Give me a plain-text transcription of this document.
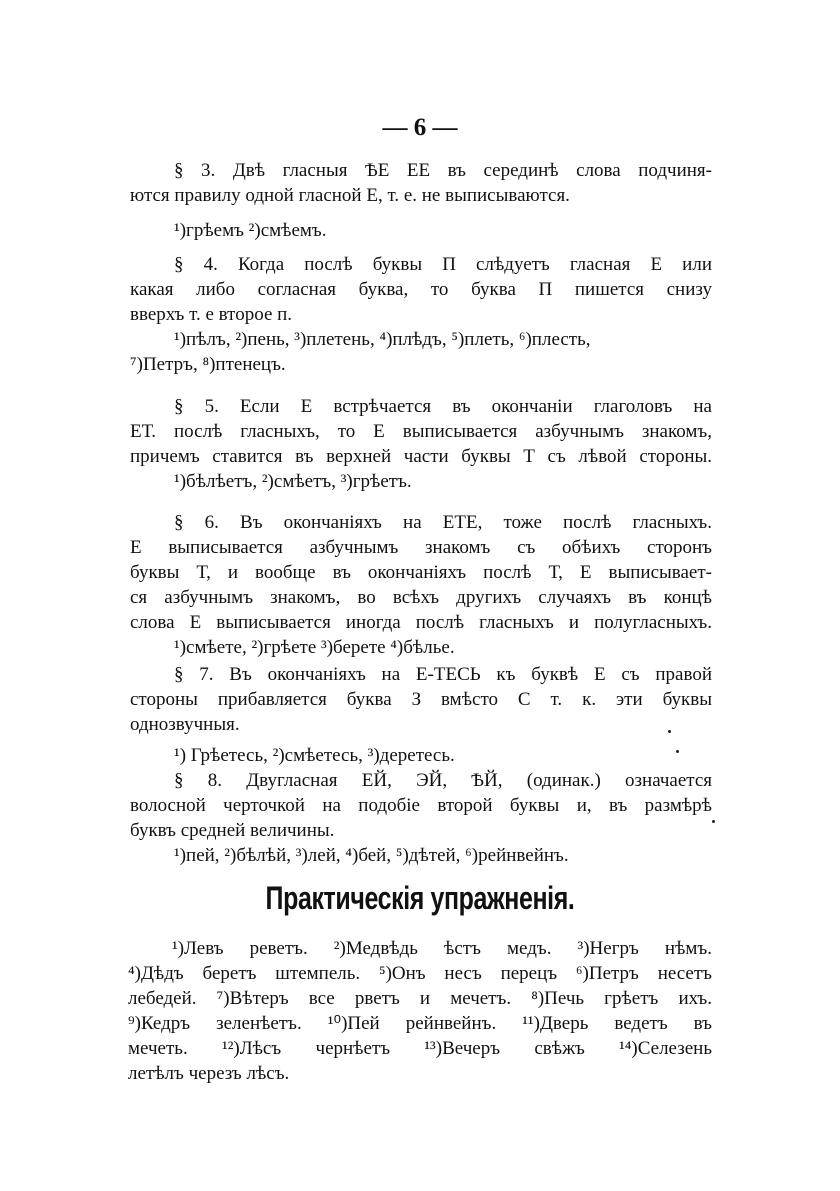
— 6 —
§ 3. Двѣ гласныя ѢЕ ЕЕ въ серединѣ слова подчиня-
ются правилу одной гласной Е, т. е. не выписываются.
¹)грѣемъ ²)смѣемъ.
§ 4. Когда послѣ буквы П слѣдуетъ гласная Е или
какая либо согласная буква, то буква П пишется снизу
вверхъ т. е второе п.
¹)пѣлъ, ²)пень, ³)плетень, ⁴)плѣдъ, ⁵)плеть, ⁶)плесть,
⁷)Петръ, ⁸)птенецъ.
§ 5. Если Е встрѣчается въ окончаніи глаголовъ на
ЕТ. послѣ гласныхъ, то Е выписывается азбучнымъ знакомъ,
причемъ ставится въ верхней части буквы Т съ лѣвой стороны.
¹)бѣлѣетъ, ²)смѣетъ, ³)грѣетъ.
§ 6. Въ окончаніяхъ на ЕТЕ, тоже послѣ гласныхъ.
Е выписывается азбучнымъ знакомъ съ обѣихъ сторонъ
буквы Т, и вообще въ окончаніяхъ послѣ Т, Е выписывает-
ся азбучнымъ знакомъ, во всѣхъ другихъ случаяхъ въ концѣ
слова Е выписывается иногда послѣ гласныхъ и полугласныхъ.
¹)смѣете, ²)грѣете ³)берете ⁴)бѣлье.
§ 7. Въ окончаніяхъ на Е-ТЕСЬ къ буквѣ Е съ правой
стороны прибавляется буква З вмѣсто С т. к. эти буквы
однозвучныя.
¹) Грѣетесь, ²)смѣетесь, ³)деретесь.
§ 8. Двугласная ЕЙ, ЭЙ, ѢЙ, (одинак.) означается
волосной черточкой на подобіе второй буквы и, въ размѣрѣ
буквъ средней величины.
¹)пей, ²)бѣлѣй, ³)лей, ⁴)бей, ⁵)дѣтей, ⁶)рейнвейнъ.
Практическія упражненія.
¹)Левъ реветъ. ²)Медвѣдь ѣстъ медъ. ³)Негръ нѣмъ.
⁴)Дѣдъ беретъ штемпель. ⁵)Онъ несъ перецъ ⁶)Петръ несетъ
лебедей. ⁷)Вѣтеръ все рветъ и мечетъ. ⁸)Печь грѣетъ ихъ.
⁹)Кедръ зеленѣетъ. ¹⁰)Пей рейнвейнъ. ¹¹)Дверь ведетъ въ
мечеть. ¹²)Лѣсъ чернѣетъ ¹³)Вечеръ свѣжъ ¹⁴)Селезень
летѣлъ черезъ лѣсъ.
